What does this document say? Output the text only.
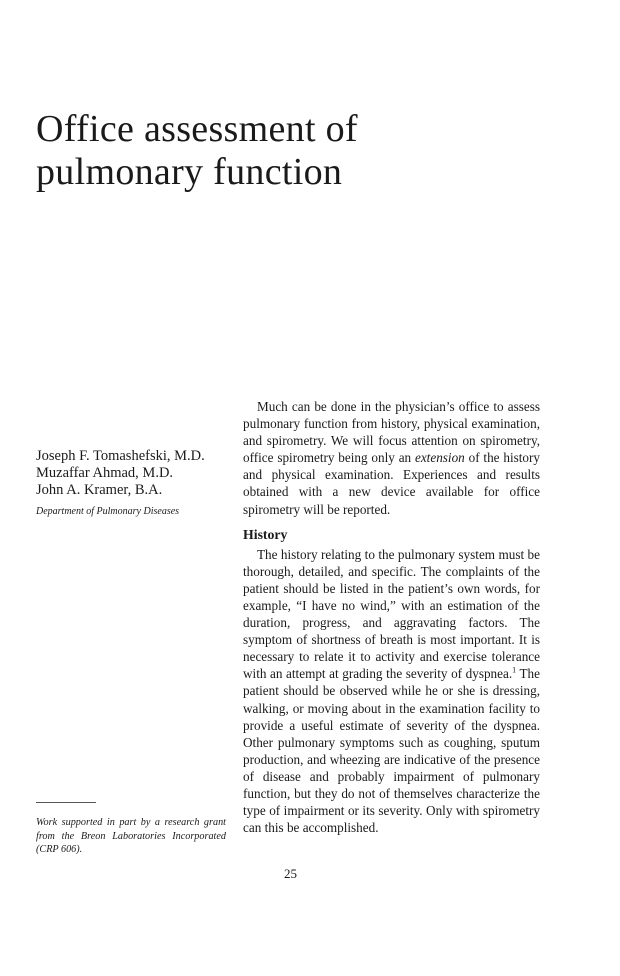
Office assessment of
pulmonary function
Joseph F. Tomashefski, M.D.
Muzaffar Ahmad, M.D.
John A. Kramer, B.A.
Department of Pulmonary Diseases
Work supported in part by a research grant from the Breon Laboratories Incorporated (CRP 606).

Much can be done in the physician’s office to assess pulmonary function from history, physical examination, and spirometry. We will focus attention on spirometry, office spirometry being only an extension of the history and physical examination. Experiences and results obtained with a new device available for office spirometry will be reported.

History

The history relating to the pulmonary system must be thorough, detailed, and specific. The complaints of the patient should be listed in the patient’s own words, for example, “I have no wind,” with an estimation of the duration, progress, and aggravating factors. The symptom of shortness of breath is most important. It is necessary to relate it to activity and exercise tolerance with an attempt at grading the severity of dyspnea.$^1$ The patient should be observed while he or she is dressing, walking, or moving about in the examination facility to provide a useful estimate of severity of the dyspnea. Other pulmonary symptoms such as coughing, sputum production, and wheezing are indicative of the presence of disease and probably impairment of pulmonary function, but they do not of themselves characterize the type of impairment or its severity. Only with spirometry can this be accomplished.

25
